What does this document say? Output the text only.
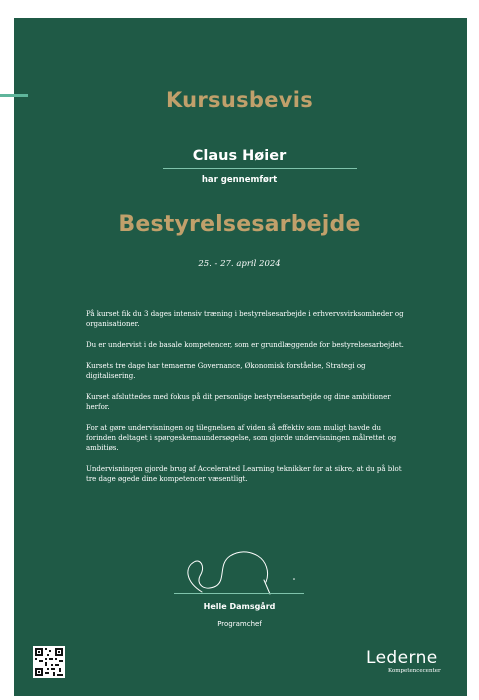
Kursusbevis
Claus Høier
har gennemført
Bestyrelsesarbejde
25. - 27. april 2024

På kurset fik du 3 dages intensiv træning i bestyrelsesarbejde i erhvervsvirksomheder og organisationer.

Du er undervist i de basale kompetencer, som er grundlæggende for bestyrelsesarbejdet.

Kursets tre dage har temaerne Governance, Økonomisk forståelse, Strategi og digitalisering.

Kurset afsluttedes med fokus på dit personlige bestyrelsesarbejde og dine ambitioner herfor.

For at gøre undervisningen og tilegnelsen af viden så effektiv som muligt havde du forinden deltaget i spørgeskemaundersøgelse, som gjorde undervisningen målrettet og ambitiøs.

Undervisningen gjorde brug af Accelerated Learning teknikker for at sikre, at du på blot tre dage øgede dine kompetencer væsentligt.

Helle Damsgård
Programchef
Lederne
Kompetencecenter
